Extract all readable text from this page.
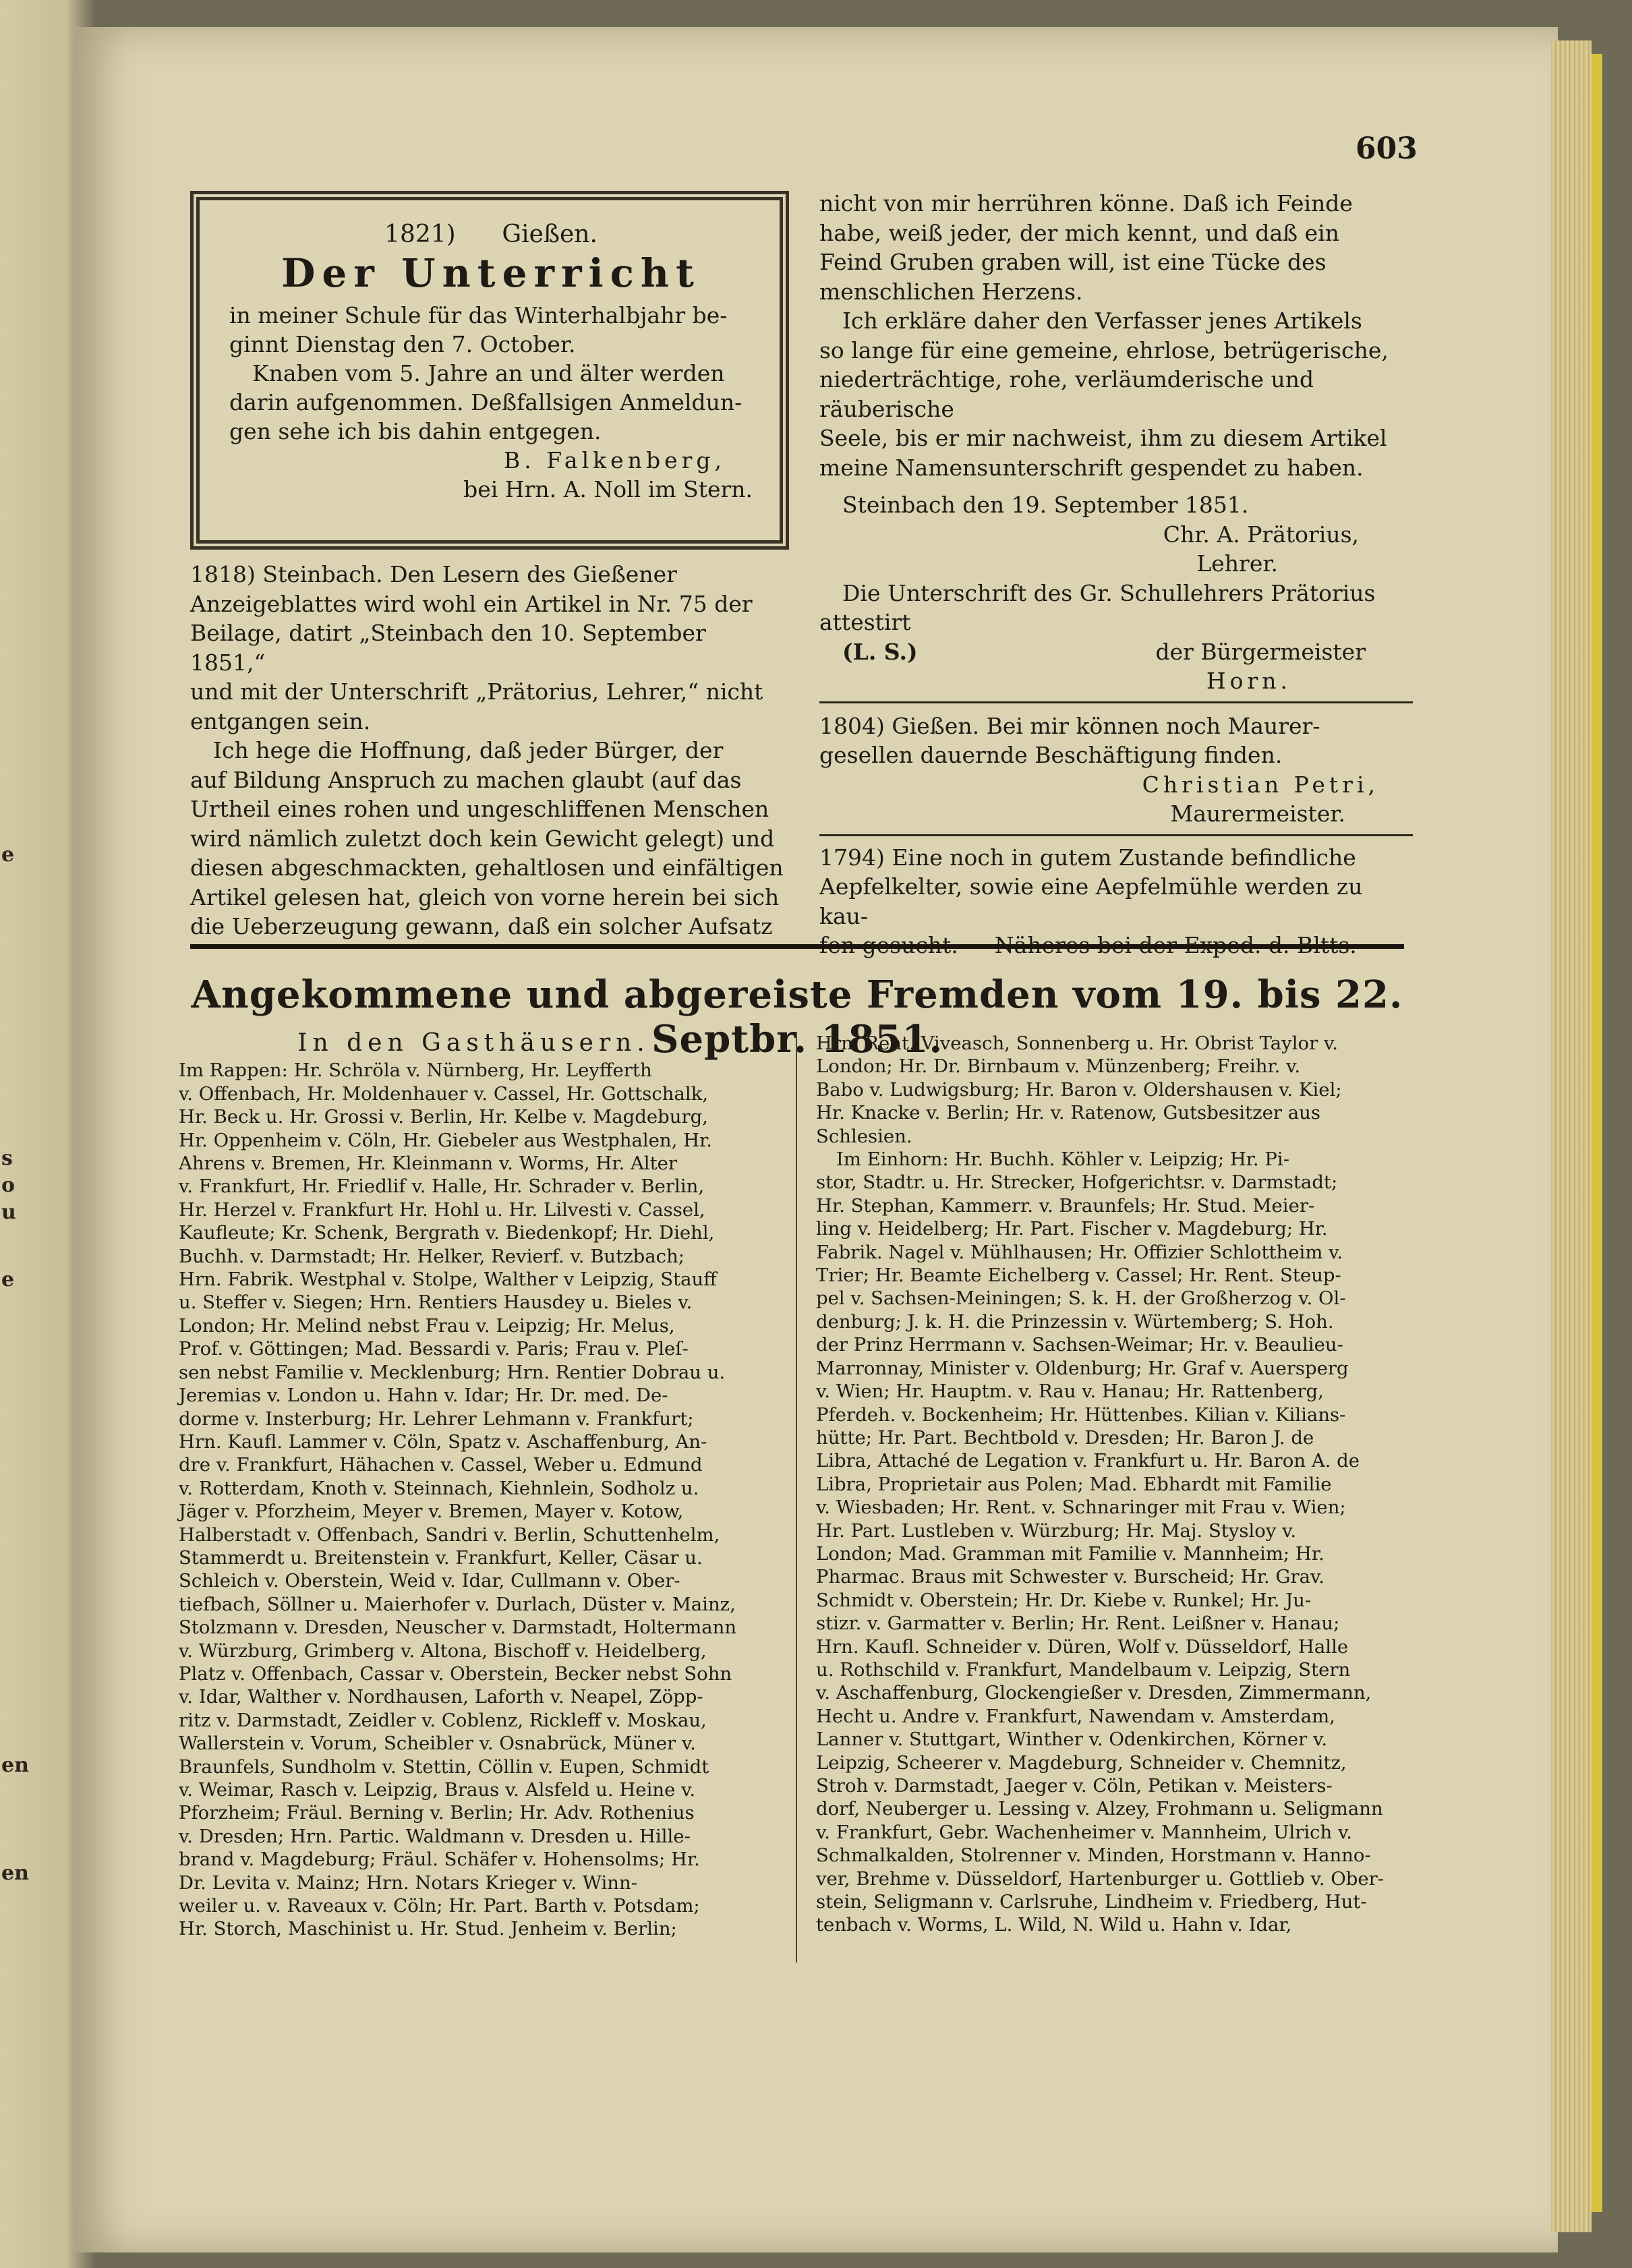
e
s
o
u
e
en
en
603
1821)      Gießen.
Der Unterricht
in meiner Schule für das Winterhalbjahr be-
ginnt Dienstag den 7. October.
Knaben vom 5. Jahre an und älter werden
darin aufgenommen. Deßfallsigen Anmeldun-
gen sehe ich bis dahin entgegen.
B. Falkenberg,
bei Hrn. A. Noll im Stern.
1818) Steinbach. Den Lesern des Gießener
Anzeigeblattes wird wohl ein Artikel in Nr. 75 der
Beilage, datirt „Steinbach den 10. September 1851,“
und mit der Unterschrift „Prätorius, Lehrer,“ nicht
entgangen sein.
Ich hege die Hoffnung, daß jeder Bürger, der
auf Bildung Anspruch zu machen glaubt (auf das
Urtheil eines rohen und ungeschliffenen Menschen
wird nämlich zuletzt doch kein Gewicht gelegt) und
diesen abgeschmackten, gehaltlosen und einfältigen
Artikel gelesen hat, gleich von vorne herein bei sich
die Ueberzeugung gewann, daß ein solcher Aufsatz
nicht von mir herrühren könne. Daß ich Feinde
habe, weiß jeder, der mich kennt, und daß ein
Feind Gruben graben will, ist eine Tücke des
menschlichen Herzens.
Ich erkläre daher den Verfasser jenes Artikels
so lange für eine gemeine, ehrlose, betrügerische,
niederträchtige, rohe, verläumderische und räuberische
Seele, bis er mir nachweist, ihm zu diesem Artikel
meine Namensunterschrift gespendet zu haben.
Steinbach den 19. September 1851.
Chr. A. Prätorius,
Lehrer.
Die Unterschrift des Gr. Schullehrers Prätorius
attestirt
(L. S.)	der Bürgermeister
Horn.
1804) Gießen. Bei mir können noch Maurer-
gesellen dauernde Beschäftigung finden.
Christian Petri,
Maurermeister.
1794) Eine noch in gutem Zustande befindliche
Aepfelkelter, sowie eine Aepfelmühle werden zu kau-
fen gesucht. — Näheres bei der Exped. d. Bltts.
Angekommene und abgereiste Fremden vom 19. bis 22. Septbr. 1851.
In den Gasthäusern.
Im Rappen: Hr. Schröla v. Nürnberg, Hr. Leyfferth
v. Offenbach, Hr. Moldenhauer v. Cassel, Hr. Gottschalk,
Hr. Beck u. Hr. Grossi v. Berlin, Hr. Kelbe v. Magdeburg,
Hr. Oppenheim v. Cöln, Hr. Giebeler aus Westphalen, Hr.
Ahrens v. Bremen, Hr. Kleinmann v. Worms, Hr. Alter
v. Frankfurt, Hr. Friedlif v. Halle, Hr. Schrader v. Berlin,
Hr. Herzel v. Frankfurt Hr. Hohl u. Hr. Lilvesti v. Cassel,
Kaufleute; Kr. Schenk, Bergrath v. Biedenkopf; Hr. Diehl,
Buchh. v. Darmstadt; Hr. Helker, Revierf. v. Butzbach;
Hrn. Fabrik. Westphal v. Stolpe, Walther v Leipzig, Stauff
u. Steffer v. Siegen; Hrn. Rentiers Hausdey u. Bieles v.
London; Hr. Melind nebst Frau v. Leipzig; Hr. Melus,
Prof. v. Göttingen; Mad. Bessardi v. Paris; Frau v. Pleſ-
sen nebst Familie v. Mecklenburg; Hrn. Rentier Dobrau u.
Jeremias v. London u. Hahn v. Idar; Hr. Dr. med. De-
dorme v. Insterburg; Hr. Lehrer Lehmann v. Frankfurt;
Hrn. Kaufl. Lammer v. Cöln, Spatz v. Aschaffenburg, An-
dre v. Frankfurt, Hähachen v. Cassel, Weber u. Edmund
v. Rotterdam, Knoth v. Steinnach, Kiehnlein, Sodholz u.
Jäger v. Pforzheim, Meyer v. Bremen, Mayer v. Kotow,
Halberstadt v. Offenbach, Sandri v. Berlin, Schuttenhelm,
Stammerdt u. Breitenstein v. Frankfurt, Keller, Cäsar u.
Schleich v. Oberstein, Weid v. Idar, Cullmann v. Ober-
tiefbach, Söllner u. Maierhofer v. Durlach, Düster v. Mainz,
Stolzmann v. Dresden, Neuscher v. Darmstadt, Holtermann
v. Würzburg, Grimberg v. Altona, Bischoff v. Heidelberg,
Platz v. Offenbach, Cassar v. Oberstein, Becker nebst Sohn
v. Idar, Walther v. Nordhausen, Laforth v. Neapel, Zöpp-
ritz v. Darmstadt, Zeidler v. Coblenz, Rickleff v. Moskau,
Wallerstein v. Vorum, Scheibler v. Osnabrück, Müner v.
Braunfels, Sundholm v. Stettin, Cöllin v. Eupen, Schmidt
v. Weimar, Rasch v. Leipzig, Braus v. Alsfeld u. Heine v.
Pforzheim; Fräul. Berning v. Berlin; Hr. Adv. Rothenius
v. Dresden; Hrn. Partic. Waldmann v. Dresden u. Hille-
brand v. Magdeburg; Fräul. Schäfer v. Hohensolms; Hr.
Dr. Levita v. Mainz; Hrn. Notars Krieger v. Winn-
weiler u. v. Raveaux v. Cöln; Hr. Part. Barth v. Potsdam;
Hr. Storch, Maschinist u. Hr. Stud. Jenheim v. Berlin;
Hrn. Rent. Viveasch, Sonnenberg u. Hr. Obrist Taylor v.
London; Hr. Dr. Birnbaum v. Münzenberg; Freihr. v.
Babo v. Ludwigsburg; Hr. Baron v. Oldershausen v. Kiel;
Hr. Knacke v. Berlin; Hr. v. Ratenow, Gutsbesitzer aus
Schlesien.
Im Einhorn: Hr. Buchh. Köhler v. Leipzig; Hr. Pi-
stor, Stadtr. u. Hr. Strecker, Hofgerichtsr. v. Darmstadt;
Hr. Stephan, Kammerr. v. Braunfels; Hr. Stud. Meier-
ling v. Heidelberg; Hr. Part. Fischer v. Magdeburg; Hr.
Fabrik. Nagel v. Mühlhausen; Hr. Offizier Schlottheim v.
Trier; Hr. Beamte Eichelberg v. Cassel; Hr. Rent. Steup-
pel v. Sachsen-Meiningen; S. k. H. der Großherzog v. Ol-
denburg; J. k. H. die Prinzessin v. Würtemberg; S. Hoh.
der Prinz Herrmann v. Sachsen-Weimar; Hr. v. Beaulieu-
Marronnay, Minister v. Oldenburg; Hr. Graf v. Auersperg
v. Wien; Hr. Hauptm. v. Rau v. Hanau; Hr. Rattenberg,
Pferdeh. v. Bockenheim; Hr. Hüttenbes. Kilian v. Kilians-
hütte; Hr. Part. Bechtbold v. Dresden; Hr. Baron J. de
Libra, Attaché de Legation v. Frankfurt u. Hr. Baron A. de
Libra, Proprietair aus Polen; Mad. Ebhardt mit Familie
v. Wiesbaden; Hr. Rent. v. Schnaringer mit Frau v. Wien;
Hr. Part. Lustleben v. Würzburg; Hr. Maj. Stysloy v.
London; Mad. Gramman mit Familie v. Mannheim; Hr.
Pharmac. Braus mit Schwester v. Burscheid; Hr. Grav.
Schmidt v. Oberstein; Hr. Dr. Kiebe v. Runkel; Hr. Ju-
stizr. v. Garmatter v. Berlin; Hr. Rent. Leißner v. Hanau;
Hrn. Kaufl. Schneider v. Düren, Wolf v. Düsseldorf, Halle
u. Rothschild v. Frankfurt, Mandelbaum v. Leipzig, Stern
v. Aschaffenburg, Glockengießer v. Dresden, Zimmermann,
Hecht u. Andre v. Frankfurt, Nawendam v. Amsterdam,
Lanner v. Stuttgart, Winther v. Odenkirchen, Körner v.
Leipzig, Scheerer v. Magdeburg, Schneider v. Chemnitz,
Stroh v. Darmstadt, Jaeger v. Cöln, Petikan v. Meisters-
dorf, Neuberger u. Lessing v. Alzey, Frohmann u. Seligmann
v. Frankfurt, Gebr. Wachenheimer v. Mannheim, Ulrich v.
Schmalkalden, Stolrenner v. Minden, Horstmann v. Hanno-
ver, Brehme v. Düsseldorf, Hartenburger u. Gottlieb v. Ober-
stein, Seligmann v. Carlsruhe, Lindheim v. Friedberg, Hut-
tenbach v. Worms, L. Wild, N. Wild u. Hahn v. Idar,
